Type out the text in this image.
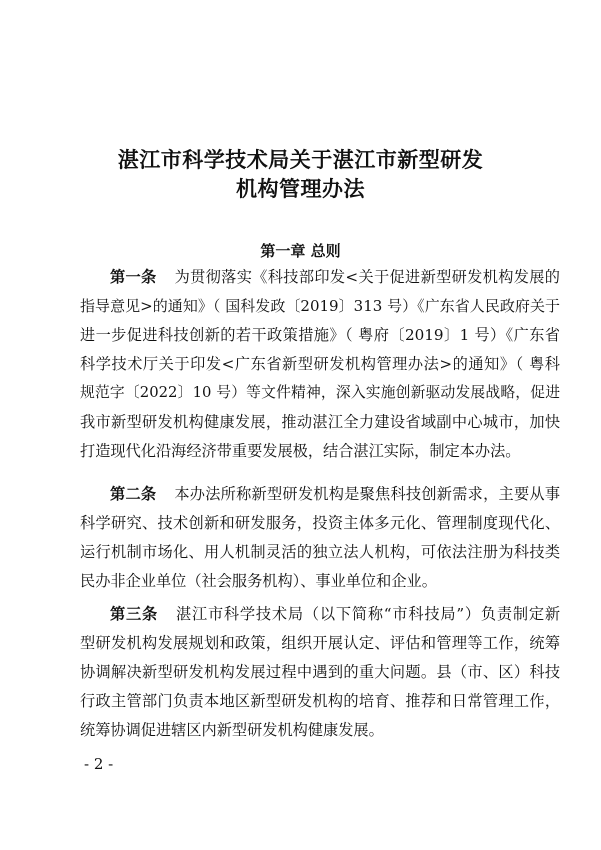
湛江市科学技术局关于湛江市新型研发
机构管理办法
第一章 总则

第一条 为贯彻落实《科技部印发<关于促进新型研发机构发展的

指导意见>的通知》（ 国科发政〔2019〕313 号）《广东省人民政府关于

进一步促进科技创新的若干政策措施》（ 粤府〔2019〕1 号）《广东省

科学技术厅关于印发<广东省新型研发机构管理办法>的通知》（ 粤科

规范字〔2022〕10 号）等文件精神，深入实施创新驱动发展战略，促进

我市新型研发机构健康发展，推动湛江全力建设省域副中心城市，加快

打造现代化沿海经济带重要发展极，结合湛江实际，制定本办法。

第二条 本办法所称新型研发机构是聚焦科技创新需求，主要从事

科学研究、技术创新和研发服务，投资主体多元化、管理制度现代化、

运行机制市场化、用人机制灵活的独立法人机构，可依法注册为科技类

民办非企业单位（社会服务机构）、事业单位和企业。

第三条 湛江市科学技术局（以下简称“市科技局”）负责制定新

型研发机构发展规划和政策，组织开展认定、评估和管理等工作，统筹

协调解决新型研发机构发展过程中遇到的重大问题。县（市、区）科技

行政主管部门负责本地区新型研发机构的培育、推荐和日常管理工作，

统筹协调促进辖区内新型研发机构健康发展。

- 2 -
